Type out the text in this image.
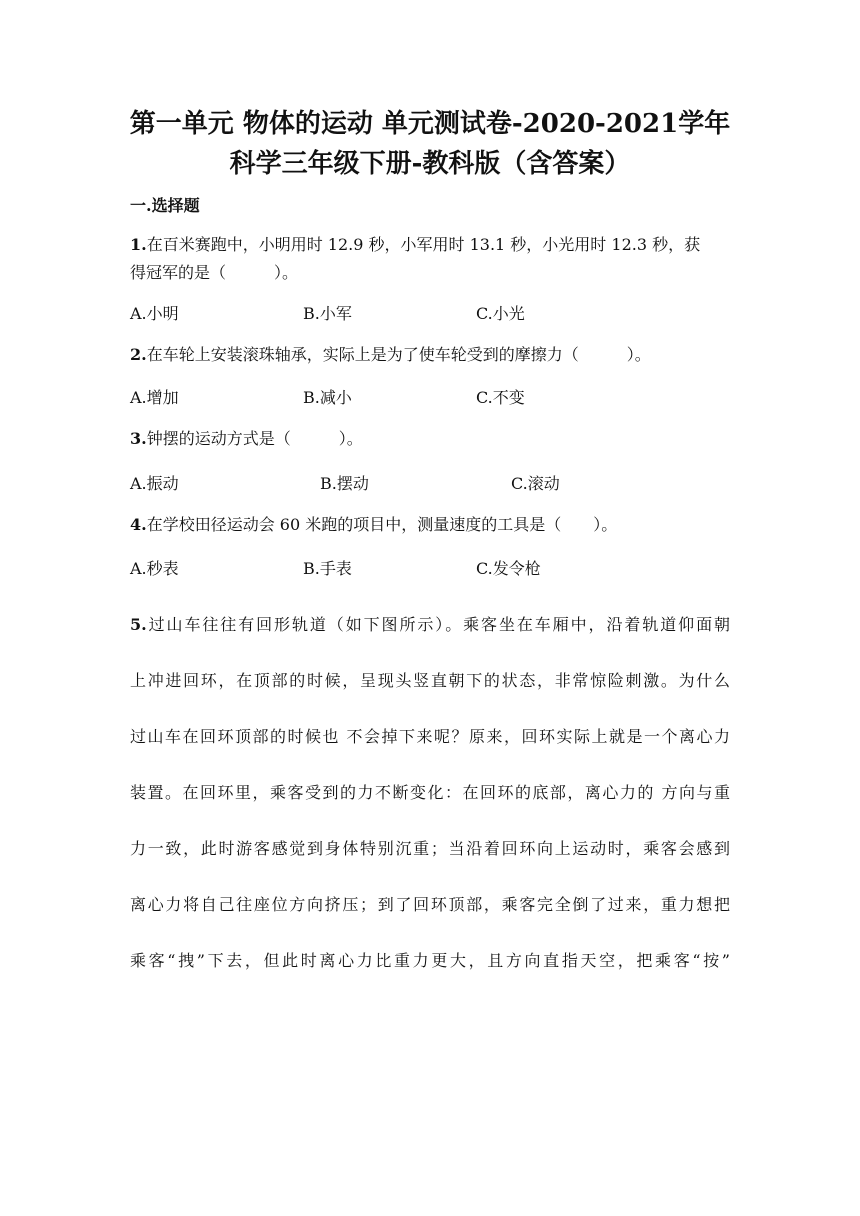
第一单元 物体的运动 单元测试卷-2020-2021学年
科学三年级下册-教科版（含答案）
一.选择题
1.在百米赛跑中，小明用时 12.9 秒，小军用时 13.1 秒，小光用时 12.3 秒，获
得冠军的是（　　　）。
A.小明	B.小军	C.小光
2.在车轮上安装滚珠轴承，实际上是为了使车轮受到的摩擦力（　　　）。
A.增加	B.减小	C.不变
3.钟摆的运动方式是（　　　）。
A.振动	B.摆动	C.滚动
4.在学校田径运动会 60 米跑的项目中，测量速度的工具是（　　）。
A.秒表	B.手表	C.发令枪
5.过山车往往有回形轨道（如下图所示）。乘客坐在车厢中，沿着轨道仰面朝
上冲进回环，在顶部的时候，呈现头竖直朝下的状态，非常惊险刺激。为什么
过山车在回环顶部的时候也 不会掉下来呢？原来，回环实际上就是一个离心力
装置。在回环里，乘客受到的力不断变化：在回环的底部，离心力的 方向与重
力一致，此时游客感觉到身体特别沉重；当沿着回环向上运动时，乘客会感到
离心力将自己往座位方向挤压；到了回环顶部，乘客完全倒了过来，重力想把
乘客“拽”下去，但此时离心力比重力更大，且方向直指天空，把乘客“按”
